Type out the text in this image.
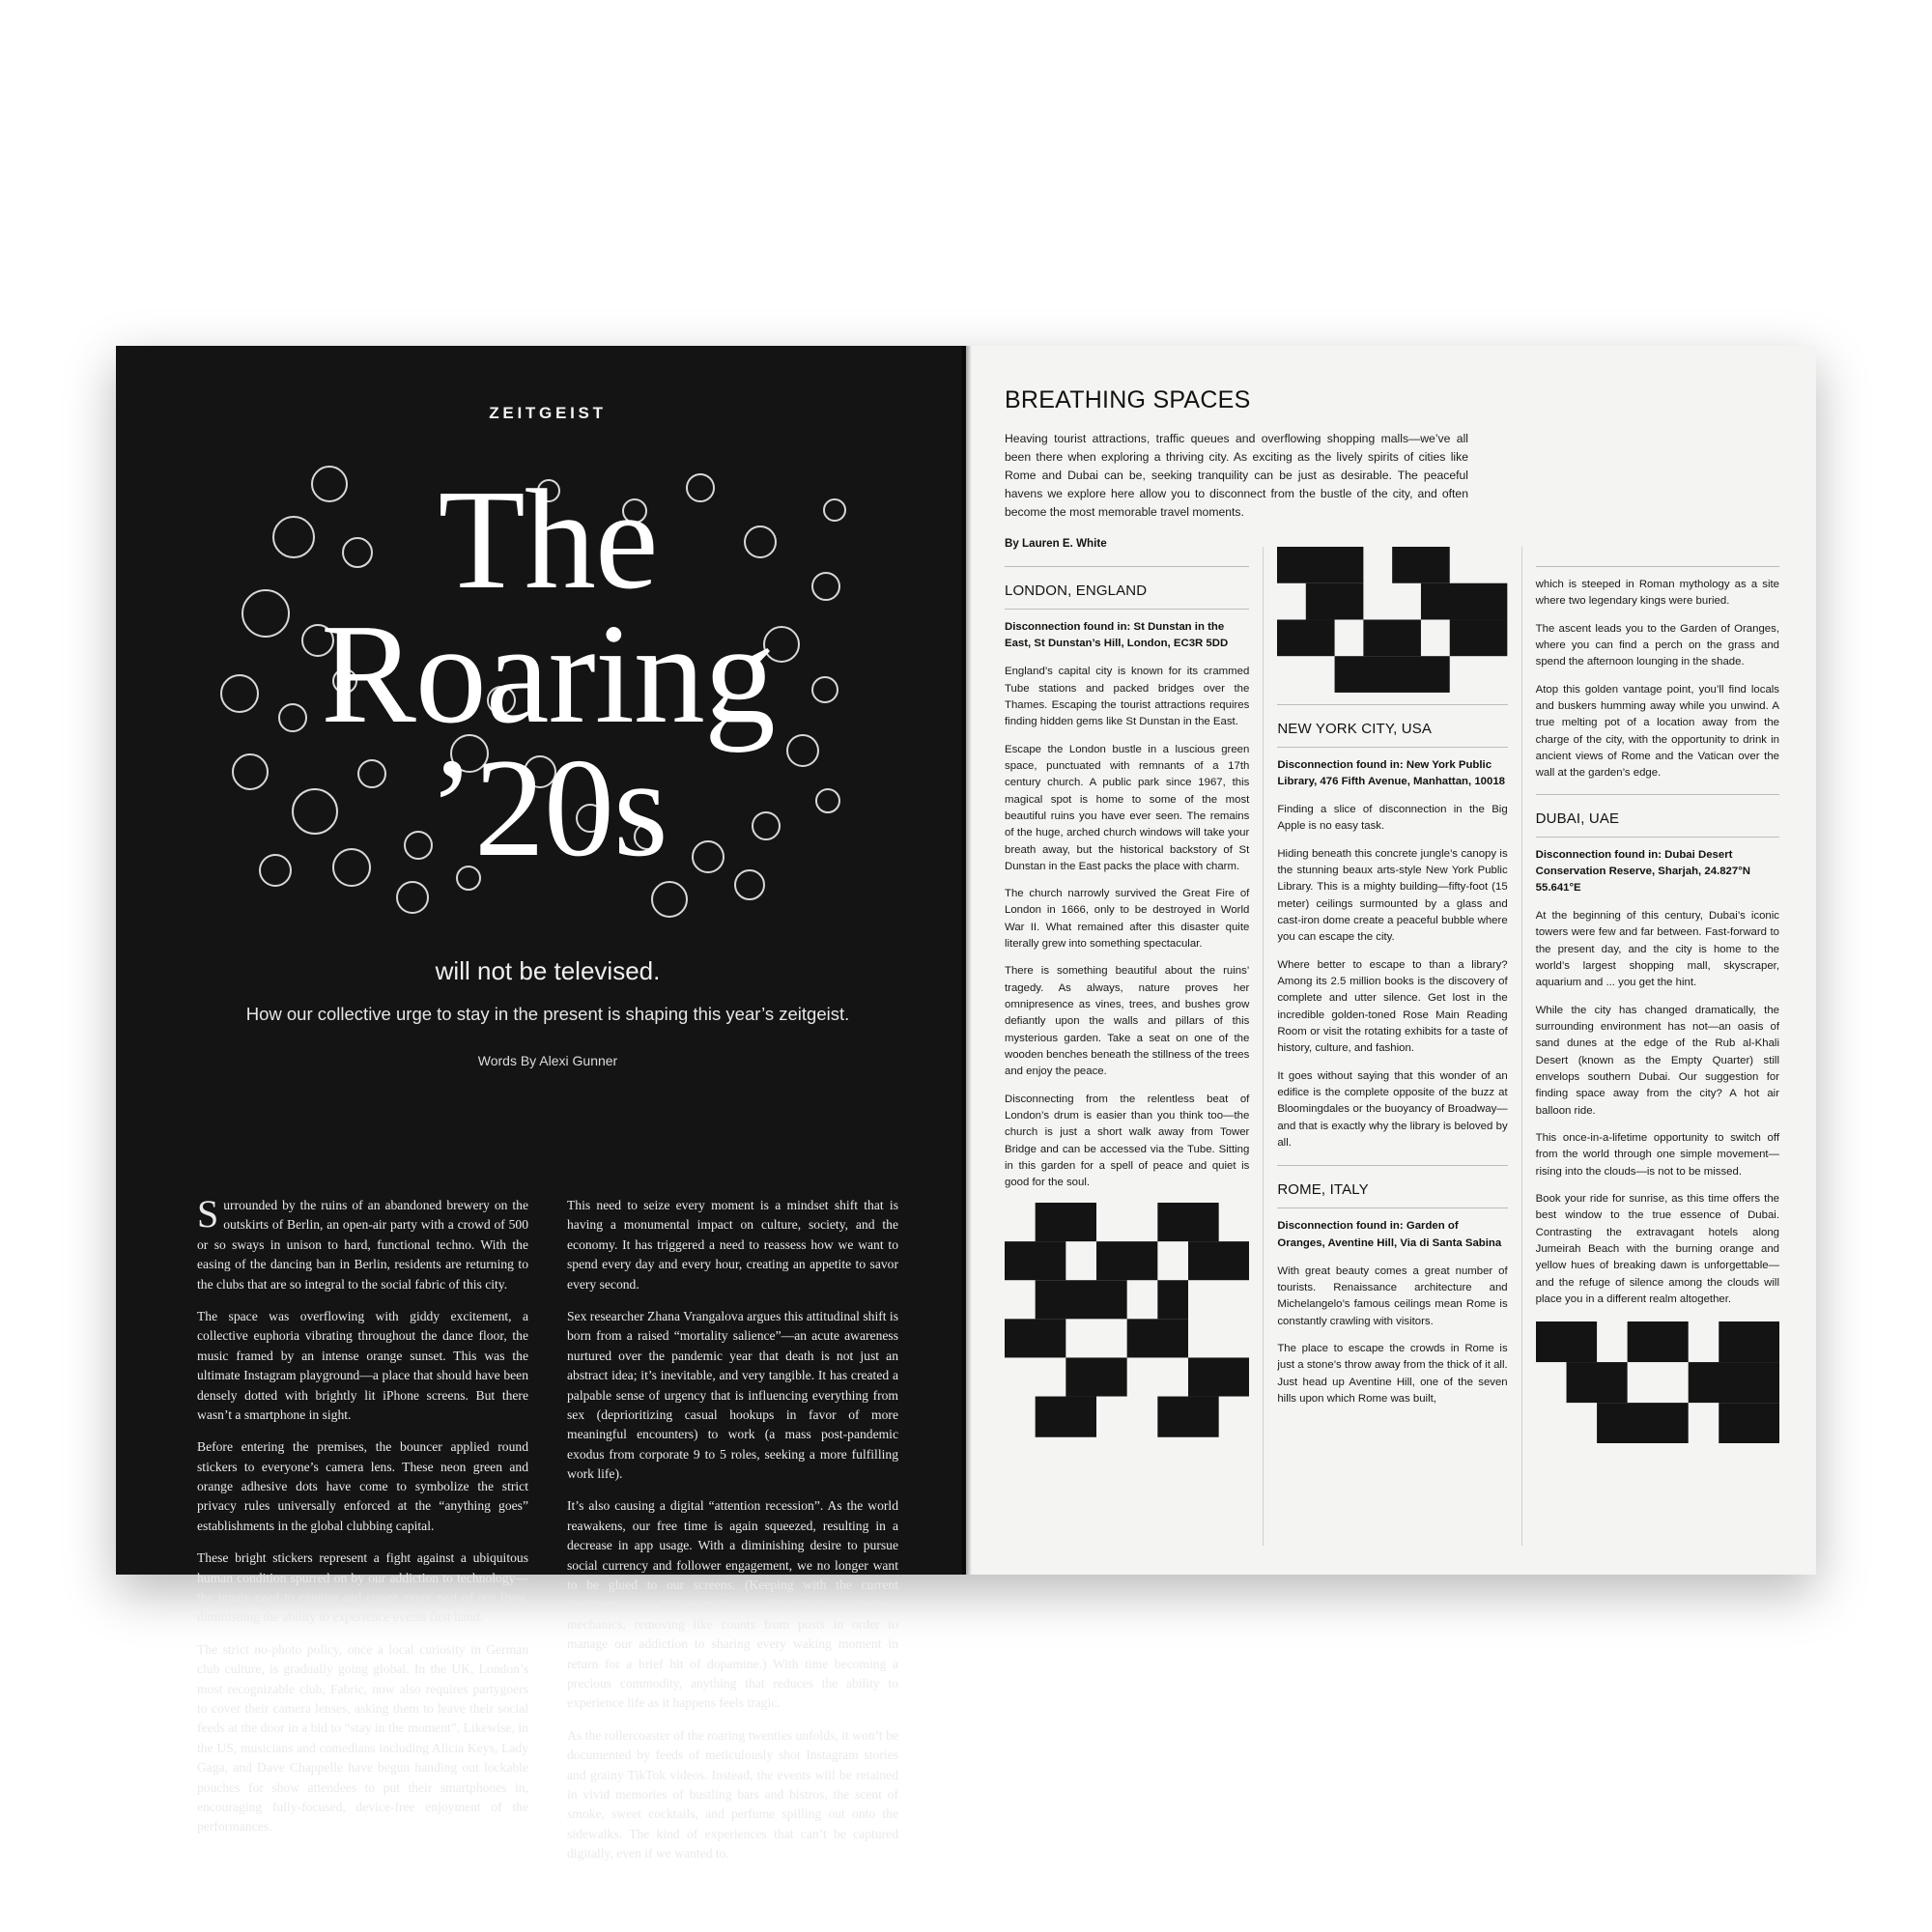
ZEITGEIST
The
Roaring
’20s
will not be televised.
How our collective urge to stay in the present is shaping this year’s zeitgeist.
Words By Alexi Gunner

Surrounded by the ruins of an abandoned brewery on the outskirts of Berlin, an open-air party with a crowd of 500 or so sways in unison to hard, functional techno. With the easing of the dancing ban in Berlin, residents are returning to the clubs that are so integral to the social fabric of this city.

The space was overflowing with giddy excitement, a collective euphoria vibrating throughout the dance floor, the music framed by an intense orange sunset. This was the ultimate Instagram playground—a place that should have been densely dotted with brightly lit iPhone screens. But there wasn’t a smartphone in sight.

Before entering the premises, the bouncer applied round stickers to everyone’s camera lens. These neon green and orange adhesive dots have come to symbolize the strict privacy rules universally enforced at the “anything goes” establishments in the global clubbing capital.

These bright stickers represent a fight against a ubiquitous human condition spurred on by our addiction to technology—the innate need to capture and curate every part of our lives, diminishing the ability to experience events first hand.

The strict no-photo policy, once a local curiosity in German club culture, is gradually going global. In the UK, London’s most recognizable club, Fabric, now also requires partygoers to cover their camera lenses, asking them to leave their social feeds at the door in a bid to “stay in the moment”. Likewise, in the US, musicians and comedians including Alicia Keys, Lady Gaga, and Dave Chappelle have begun handing out lockable pouches for show attendees to put their smartphones in, encouraging fully-focused, device-free enjoyment of the performances.

This need to seize every moment is a mindset shift that is having a monumental impact on culture, society, and the economy. It has triggered a need to reassess how we want to spend every day and every hour, creating an appetite to savor every second.

Sex researcher Zhana Vrangalova argues this attitudinal shift is born from a raised “mortality salience”—an acute awareness nurtured over the pandemic year that death is not just an abstract idea; it’s inevitable, and very tangible. It has created a palpable sense of urgency that is influencing everything from sex (deprioritizing casual hookups in favor of more meaningful encounters) to work (a mass post-pandemic exodus from corporate 9 to 5 roles, seeking a more fulfilling work life).

It’s also causing a digital “attention recession”. As the world reawakens, our free time is again squeezed, resulting in a decrease in app usage. With a diminishing desire to pursue social currency and follower engagement, we no longer want to be glued to our screens. (Keeping with the current sentiment, even Instagram has recalibrated its engagement mechanics, removing like counts from posts in order to manage our addiction to sharing every waking moment in return for a brief hit of dopamine.) With time becoming a precious commodity, anything that reduces the ability to experience life as it happens feels tragic.

As the rollercoaster of the roaring twenties unfolds, it won’t be documented by feeds of meticulously shot Instagram stories and grainy TikTok videos. Instead, the events will be retained in vivid memories of bustling bars and bistros, the scent of smoke, sweet cocktails, and perfume spilling out onto the sidewalks. The kind of experiences that can’t be captured digitally, even if we wanted to.

BREATHING SPACES
Heaving tourist attractions, traffic queues and overflowing shopping malls—we’ve all been there when exploring a thriving city. As exciting as the lively spirits of cities like Rome and Dubai can be, seeking tranquility can be just as desirable. The peaceful havens we explore here allow you to disconnect from the bustle of the city, and often become the most memorable travel moments.
By Lauren E. White
LONDON, ENGLAND
Disconnection found in: St Dunstan in the East, St Dunstan’s Hill, London, EC3R 5DD
England’s capital city is known for its crammed Tube stations and packed bridges over the Thames. Escaping the tourist attractions requires finding hidden gems like St Dunstan in the East.
Escape the London bustle in a luscious green space, punctuated with remnants of a 17th century church. A public park since 1967, this magical spot is home to some of the most beautiful ruins you have ever seen. The remains of the huge, arched church windows will take your breath away, but the historical backstory of St Dunstan in the East packs the place with charm.
The church narrowly survived the Great Fire of London in 1666, only to be destroyed in World War II. What remained after this disaster quite literally grew into something spectacular.
There is something beautiful about the ruins’ tragedy. As always, nature proves her omnipresence as vines, trees, and bushes grow defiantly upon the walls and pillars of this mysterious garden. Take a seat on one of the wooden benches beneath the stillness of the trees and enjoy the peace.
Disconnecting from the relentless beat of London’s drum is easier than you think too—the church is just a short walk away from Tower Bridge and can be accessed via the Tube. Sitting in this garden for a spell of peace and quiet is good for the soul.
NEW YORK CITY, USA
Disconnection found in: New York Public Library, 476 Fifth Avenue, Manhattan, 10018
Finding a slice of disconnection in the Big Apple is no easy task.
Hiding beneath this concrete jungle’s canopy is the stunning beaux arts-style New York Public Library. This is a mighty building—fifty-foot (15 meter) ceilings surmounted by a glass and cast-iron dome create a peaceful bubble where you can escape the city.
Where better to escape to than a library? Among its 2.5 million books is the discovery of complete and utter silence. Get lost in the incredible golden-toned Rose Main Reading Room or visit the rotating exhibits for a taste of history, culture, and fashion.
It goes without saying that this wonder of an edifice is the complete opposite of the buzz at Bloomingdales or the buoyancy of Broadway—and that is exactly why the library is beloved by all.
ROME, ITALY
Disconnection found in: Garden of Oranges, Aventine Hill, Via di Santa Sabina
With great beauty comes a great number of tourists. Renaissance architecture and Michelangelo’s famous ceilings mean Rome is constantly crawling with visitors.
The place to escape the crowds in Rome is just a stone’s throw away from the thick of it all. Just head up Aventine Hill, one of the seven hills upon which Rome was built,
which is steeped in Roman mythology as a site where two legendary kings were buried.
The ascent leads you to the Garden of Oranges, where you can find a perch on the grass and spend the afternoon lounging in the shade.
Atop this golden vantage point, you’ll find locals and buskers humming away while you unwind. A true melting pot of a location away from the charge of the city, with the opportunity to drink in ancient views of Rome and the Vatican over the wall at the garden’s edge.
DUBAI, UAE
Disconnection found in: Dubai Desert Conservation Reserve, Sharjah, 24.827°N 55.641°E
At the beginning of this century, Dubai’s iconic towers were few and far between. Fast-forward to the present day, and the city is home to the world’s largest shopping mall, skyscraper, aquarium and ... you get the hint.
While the city has changed dramatically, the surrounding environment has not—an oasis of sand dunes at the edge of the Rub al-Khali Desert (known as the Empty Quarter) still envelops southern Dubai. Our suggestion for finding space away from the city? A hot air balloon ride.
This once-in-a-lifetime opportunity to switch off from the world through one simple movement—rising into the clouds—is not to be missed.
Book your ride for sunrise, as this time offers the best window to the true essence of Dubai. Contrasting the extravagant hotels along Jumeirah Beach with the burning orange and yellow hues of breaking dawn is unforgettable—and the refuge of silence among the clouds will place you in a different realm altogether.
